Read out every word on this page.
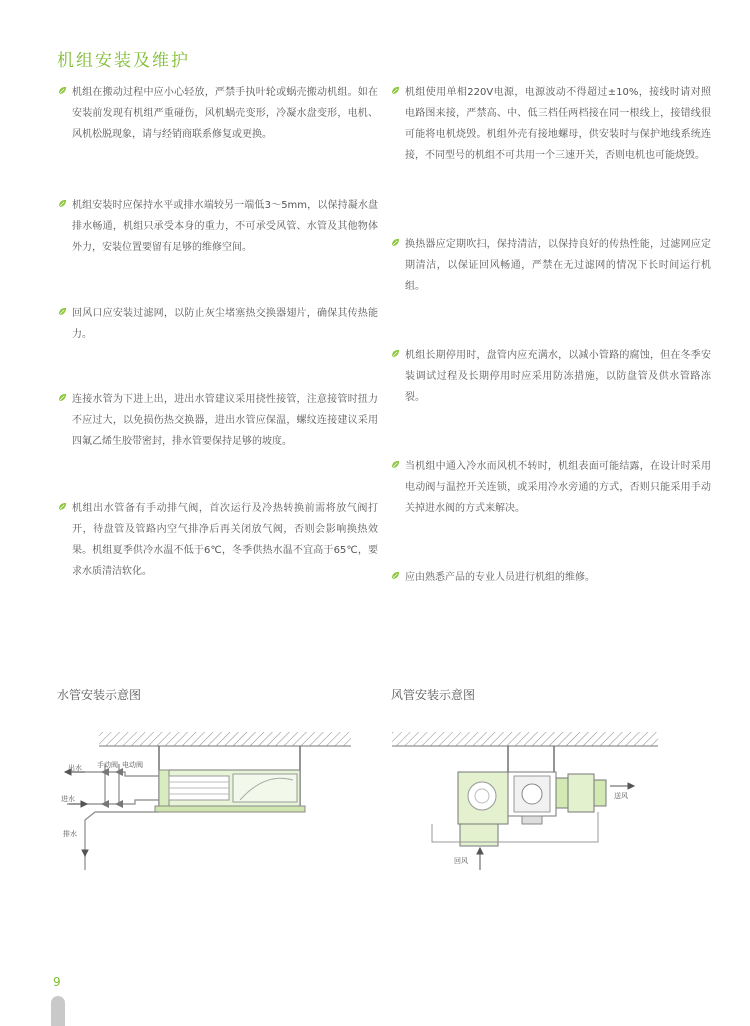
机组安装及维护
机组在搬动过程中应小心轻放，严禁手执叶轮或蜗壳搬动机组。如在安装前发现有机组严重碰伤，风机蜗壳变形，冷凝水盘变形，电机、风机松脱现象，请与经销商联系修复或更换。
机组安装时应保持水平或排水端较另一端低3～5mm，以保持凝水盘排水畅通，机组只承受本身的重力，不可承受风管、水管及其他物体外力，安装位置要留有足够的维修空间。
回风口应安装过滤网，以防止灰尘堵塞热交换器翅片，确保其传热能力。
连接水管为下进上出，进出水管建议采用挠性接管，注意接管时扭力不应过大，以免损伤热交换器，进出水管应保温，螺纹连接建议采用四氟乙烯生胶带密封，排水管要保持足够的坡度。
机组出水管备有手动排气阀，首次运行及冷热转换前需将放气阀打开，待盘管及管路内空气排净后再关闭放气阀，否则会影响换热效果。机组夏季供冷水温不低于6℃，冬季供热水温不宜高于65℃，要求水质清洁软化。
机组使用单相220V电源，电源波动不得超过±10%，接线时请对照电路图来接，严禁高、中、低三档任两档接在同一根线上，接错线很可能将电机烧毁。机组外壳有接地螺母，供安装时与保护地线系统连接，不同型号的机组不可共用一个三速开关，否则电机也可能烧毁。
换热器应定期吹扫，保持清洁，以保持良好的传热性能，过滤网应定期清洁，以保证回风畅通，严禁在无过滤网的情况下长时间运行机组。
机组长期停用时，盘管内应充满水，以减小管路的腐蚀，但在冬季安装调试过程及长期停用时应采用防冻措施，以防盘管及供水管路冻裂。
当机组中通入冷水而风机不转时，机组表面可能结露，在设计时采用电动阀与温控开关连锁，或采用冷水旁通的方式，否则只能采用手动关掉进水阀的方式来解决。
应由熟悉产品的专业人员进行机组的维修。
水管安装示意图	风管安装示意图
手动阀 电动阀
出水
进水
排水
送风
回风
9
